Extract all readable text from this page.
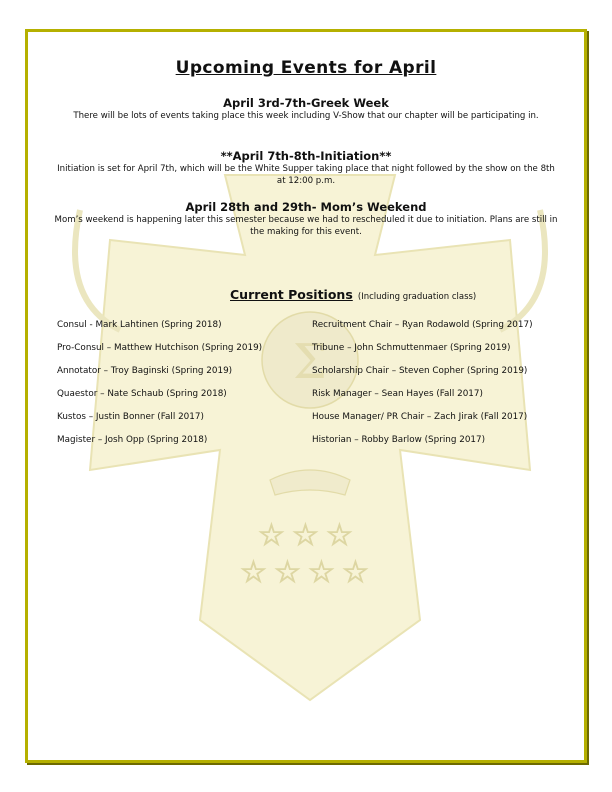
Σ
☆ ☆ ☆
☆ ☆ ☆ ☆
Upcoming Events for April
April 3rd-7th-Greek Week

There will be lots of events taking place this week including V-Show that our chapter will be participating in.

**April 7th-8th-Initiation**

Initiation is set for April 7th, which will be the White Supper taking place that night followed by the show on the 8th at 12:00 p.m.

April 28th and 29th- Mom’s Weekend

Mom’s weekend is happening later this semester because we had to rescheduled it due to initiation. Plans are still in the making for this event.

Current Positions (Including graduation class)

Consul - Mark Lahtinen (Spring 2018)

Pro-Consul – Matthew Hutchison (Spring 2019)

Annotator – Troy Baginski (Spring 2019)

Quaestor – Nate Schaub (Spring 2018)

Kustos – Justin Bonner (Fall 2017)

Magister – Josh Opp (Spring 2018)

Recruitment Chair – Ryan Rodawold (Spring 2017)

Tribune – John Schmuttenmaer (Spring 2019)

Scholarship Chair – Steven Copher (Spring 2019)

Risk Manager – Sean Hayes (Fall 2017)

House Manager/ PR Chair – Zach Jirak (Fall 2017)

Historian – Robby Barlow (Spring 2017)
